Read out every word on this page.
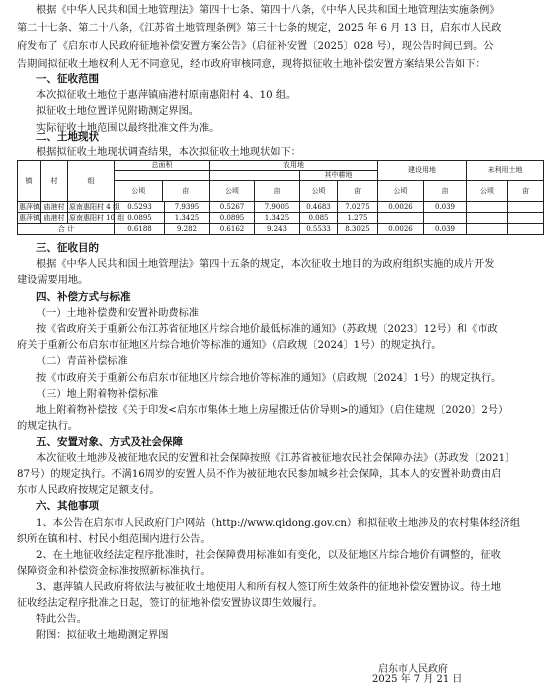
根据《中华人民共和国土地管理法》第四十七条、第四十八条，《中华人民共和国土地管理法实施条例》

第二十七条、第二十八条，《江苏省土地管理条例》第三十七条的规定，2025 年 6 月 13 日，启东市人民政

府发布了《启东市人民政府征地补偿安置方案公告》（启征补安置〔2025〕028 号），现公告时间已到。公

告期间拟征收土地权利人无不同意见，经市政府审核同意，现将拟征收土地补偿安置方案结果公告如下：

一、征收范围

本次拟征收土地位于惠萍镇庙港村原南惠阳村 4、10 组。

拟征收土地位置详见附勘测定界图。

实际征收土地范围以最终批准文件为准。

二、土地现状

根据拟征收土地现状调查结果，本次拟征收土地现状如下：

镇	村	组	总面积		农用地				建设用地		未利用土地	

			公顷 亩		公顷 亩		其中耕地					
							公顷	亩	公顷	亩	公顷	亩
惠萍镇	庙港村	原南惠阳村 4 组	0.5293	7.9395	0.5267	7.9005	0.4683	7.0275	0.0026	0.039		
惠萍镇	庙港村	原南惠阳村 10 组	0.0895	1.3425	0.0895	1.3425	0.085	1.275				
合 计			0.6188	9.282	0.6162	9.243	0.5533	8.3025	0.0026	0.039		

三、征收目的

根据《中华人民共和国土地管理法》第四十五条的规定，本次征收土地目的为政府组织实施的成片开发

建设需要用地。

四、补偿方式与标准

（一）土地补偿费和安置补助费标准

按《省政府关于重新公布江苏省征地区片综合地价最低标准的通知》（苏政规〔2023〕12号）和《市政

府关于重新公布启东市征地区片综合地价等标准的通知》（启政规〔2024〕1号）的规定执行。

（二）青苗补偿标准

按《市政府关于重新公布启东市征地区片综合地价等标准的通知》（启政规〔2024〕1号）的规定执行。

（三）地上附着物补偿标准

地上附着物补偿按《关于印发<启东市集体土地上房屋搬迁估价导则>的通知》（启住建规〔2020〕2号）

的规定执行。

五、安置对象、方式及社会保障

本次征收土地涉及被征地农民的安置和社会保障按照《江苏省被征地农民社会保障办法》（苏政发〔2021〕

87号）的规定执行。不满16周岁的安置人员不作为被征地农民参加城乡社会保障，其本人的安置补助费由启

东市人民政府按规定足额支付。

六、其他事项

1、本公告在启东市人民政府门户网站（http://www.qidong.gov.cn）和拟征收土地涉及的农村集体经济组

织所在镇和村、村民小组范围内进行公告。

2、在土地征收经法定程序批准时，社会保障费用标准如有变化，以及征地区片综合地价有调整的，征收

保障资金和补偿资金标准按照新标准执行。

3、惠萍镇人民政府将依法与被征收土地使用人和所有权人签订所生效条件的征地补偿安置协议。待土地

征收经法定程序批准之日起，签订的征地补偿安置协议即生效履行。

特此公告。

附图：拟征收土地勘测定界图

启东市人民政府

2025 年 7 月 21 日
